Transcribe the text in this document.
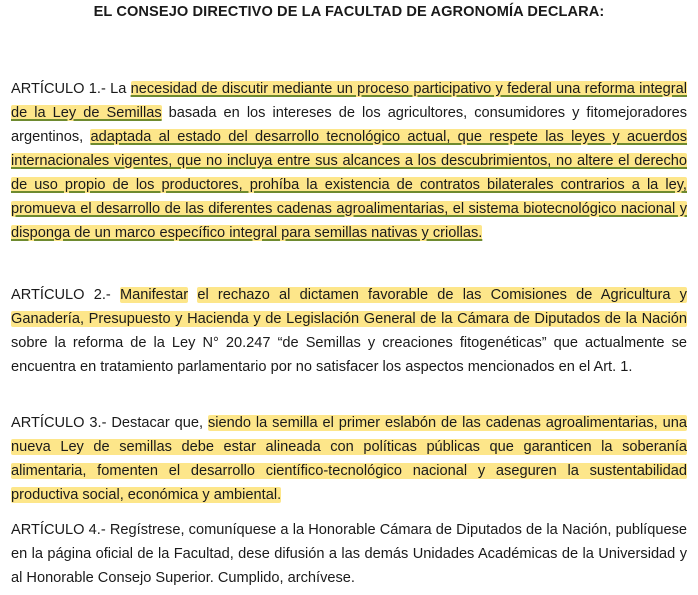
EL CONSEJO DIRECTIVO DE LA FACULTAD DE AGRONOMÍA DECLARA:

ARTÍCULO 1.- La necesidad de discutir mediante un proceso participativo y federal una reforma integral de la Ley de Semillas basada en los intereses de los agricultores, consumidores y fitomejoradores argentinos, adaptada al estado del desarrollo tecnológico actual, que respete las leyes y acuerdos internacionales vigentes, que no incluya entre sus alcances a los descubrimientos, no altere el derecho de uso propio de los productores, prohíba la existencia de contratos bilaterales contrarios a la ley, promueva el desarrollo de las diferentes cadenas agroalimentarias, el sistema biotecnológico nacional y disponga de un marco específico integral para semillas nativas y criollas.

ARTÍCULO 2.- Manifestar el rechazo al dictamen favorable de las Comisiones de Agricultura y Ganadería, Presupuesto y Hacienda y de Legislación General de la Cámara de Diputados de la Nación sobre la reforma de la Ley N° 20.247 “de Semillas y creaciones fitogenéticas” que actualmente se encuentra en tratamiento parlamentario por no satisfacer los aspectos mencionados en el Art. 1.

ARTÍCULO 3.- Destacar que, siendo la semilla el primer eslabón de las cadenas agroalimentarias, una nueva Ley de semillas debe estar alineada con políticas públicas que garanticen la soberanía alimentaria, fomenten el desarrollo científico-tecnológico nacional y aseguren la sustentabilidad productiva social, económica y ambiental.

ARTÍCULO 4.- Regístrese, comuníquese a la Honorable Cámara de Diputados de la Nación, publíquese en la página oficial de la Facultad, dese difusión a las demás Unidades Académicas de la Universidad y al Honorable Consejo Superior. Cumplido, archívese.
